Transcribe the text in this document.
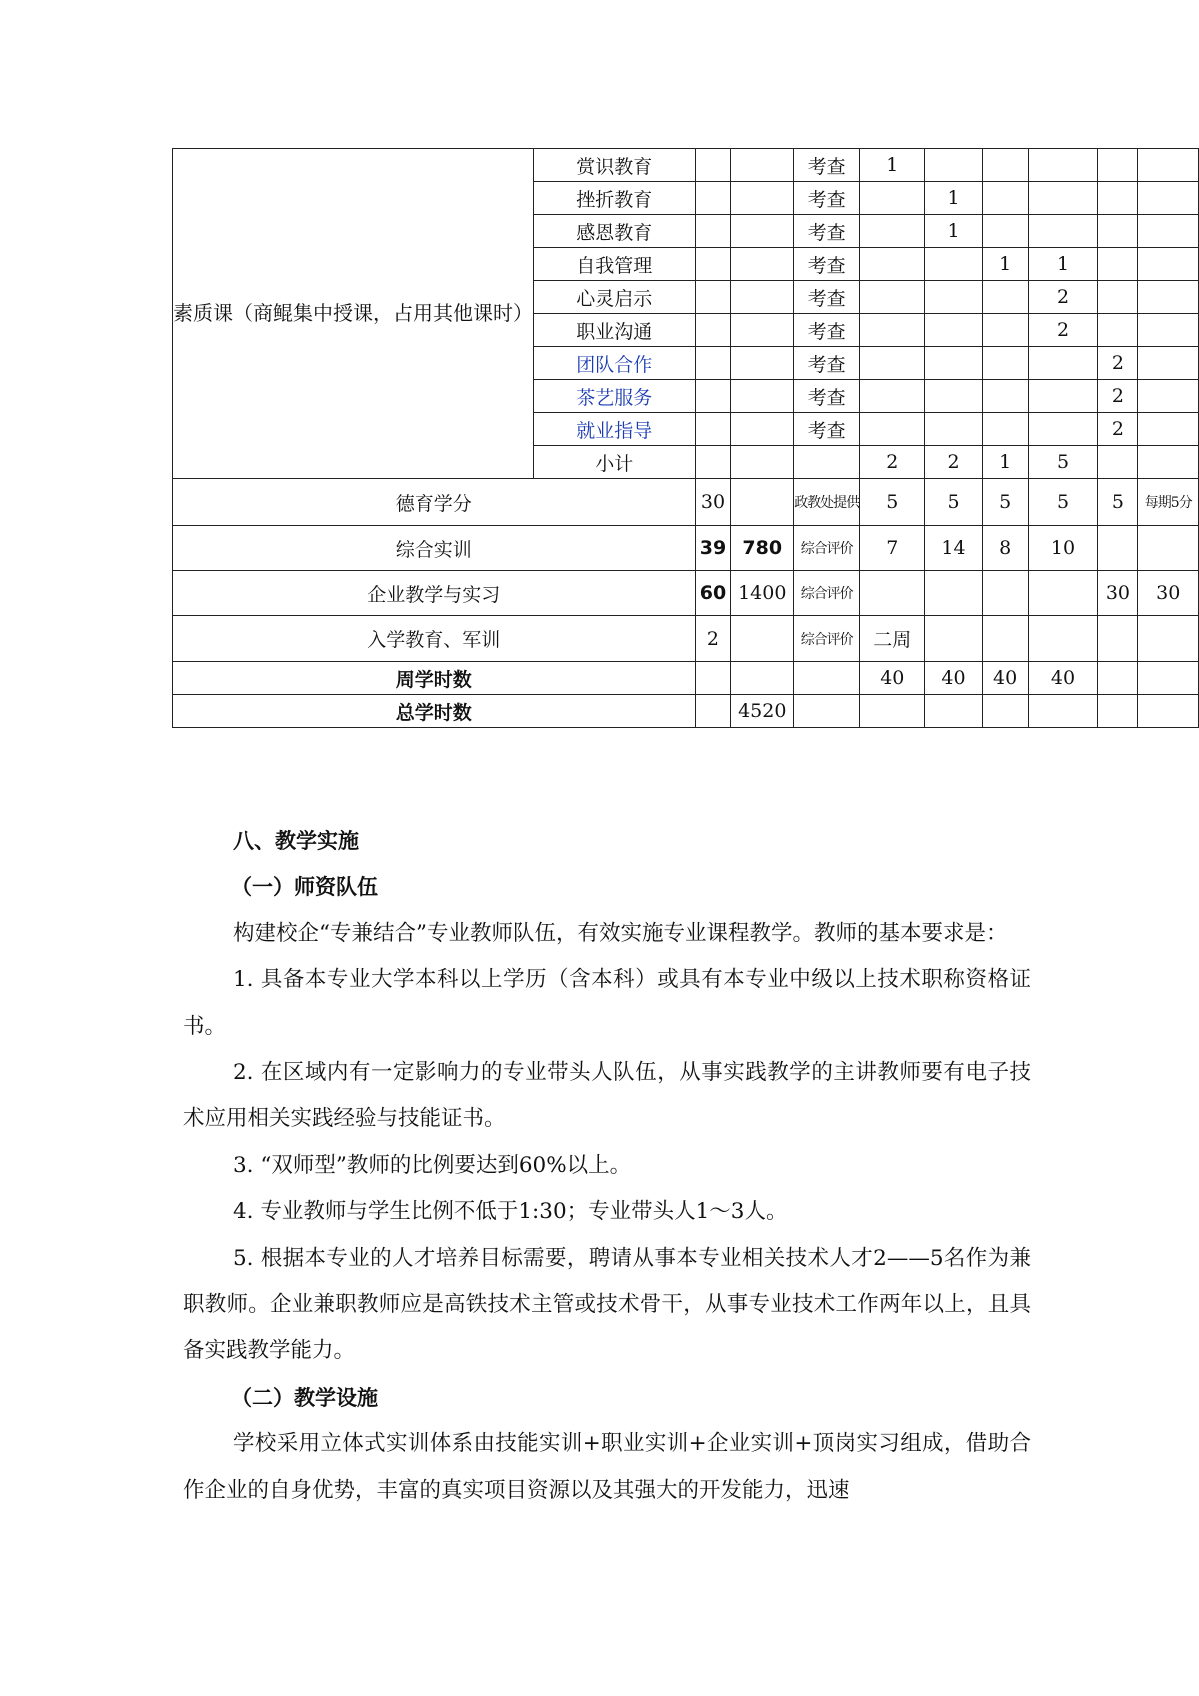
素质课（商鲲集中授课，占用其他课时）	赏识教育			考查	1					
	挫折教育			考查		1				
	感恩教育			考查		1				
	自我管理			考查			1	1		
	心灵启示			考查				2		
	职业沟通			考查				2		
	团队合作			考查					2	
	茶艺服务			考查					2	
	就业指导			考查					2	
	小计				2	2	1	5		
德育学分		30		政教处提供	5	5	5	5	5	每期5分
综合实训		39	780	综合评价	7	14	8	10		
企业教学与实习		60	1400	综合评价					30	30
入学教育、军训		2		综合评价	二周					
周学时数					40	40	40	40		
总学时数			4520							

八、教学实施

（一）师资队伍

构建校企“专兼结合”专业教师队伍，有效实施专业课程教学。教师的基本要求是：

1. 具备本专业大学本科以上学历（含本科）或具有本专业中级以上技术职称资格证书。

2. 在区域内有一定影响力的专业带头人队伍，从事实践教学的主讲教师要有电子技术应用相关实践经验与技能证书。

3. “双师型”教师的比例要达到60%以上。

4. 专业教师与学生比例不低于1:30；专业带头人1～3人。

5. 根据本专业的人才培养目标需要，聘请从事本专业相关技术人才2——5名作为兼职教师。企业兼职教师应是高铁技术主管或技术骨干，从事专业技术工作两年以上，且具备实践教学能力。

（二）教学设施

学校采用立体式实训体系由技能实训+职业实训+企业实训+顶岗实习组成，借助合作企业的自身优势，丰富的真实项目资源以及其强大的开发能力，迅速
